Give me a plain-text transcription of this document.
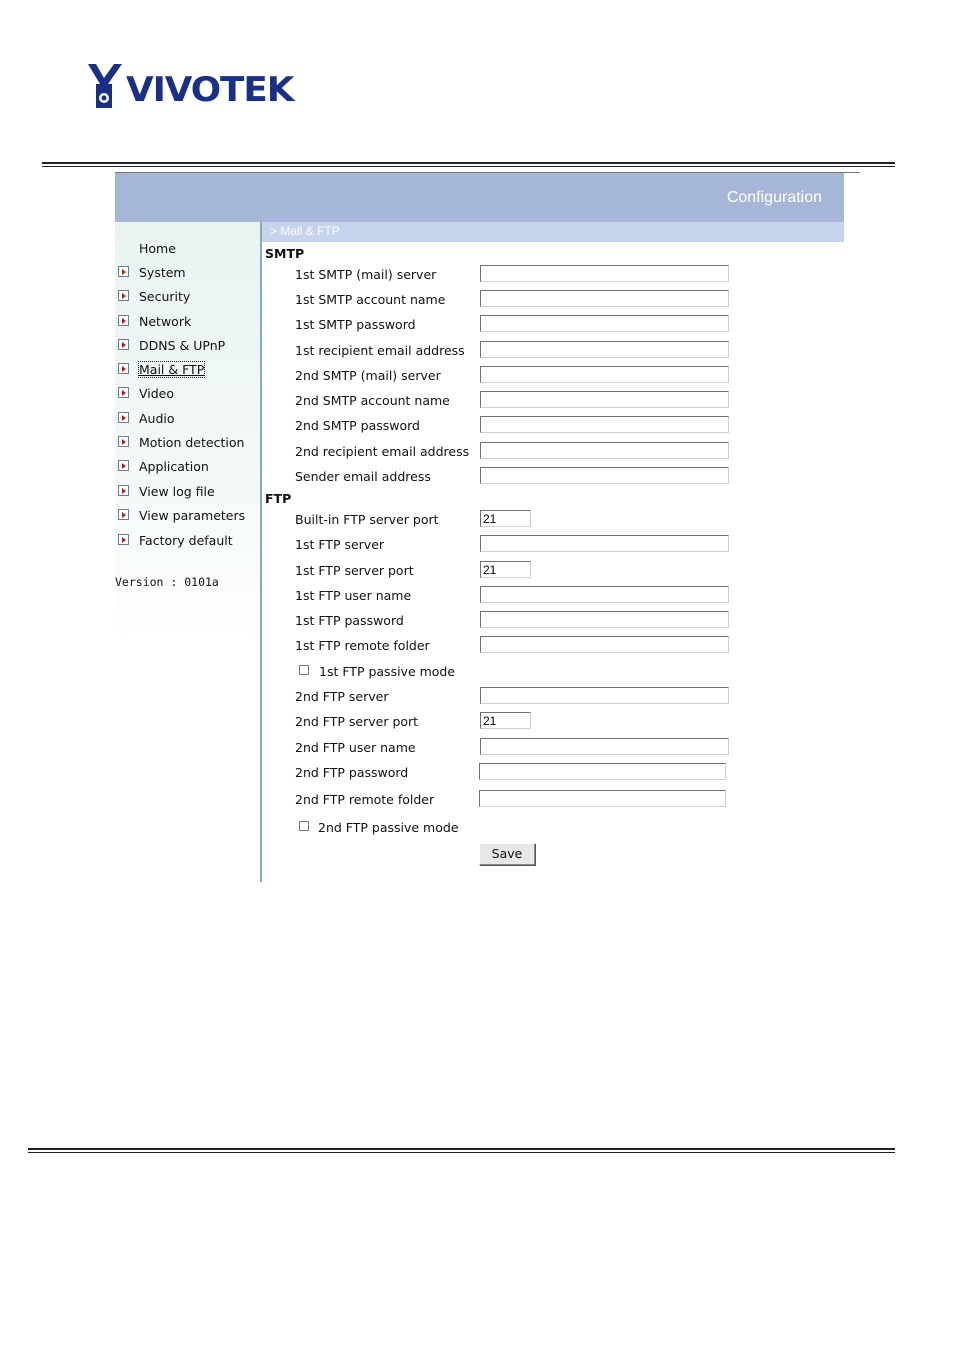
VIVOTEK
Configuration
> Mail & FTP
Home
System
Security
Network
DDNS & UPnP
Mail & FTP
Video
Audio
Motion detection
Application
View log file
View parameters
Factory default
Version : 0101a
SMTP
1st SMTP (mail) server
1st SMTP account name
1st SMTP password
1st recipient email address
2nd SMTP (mail) server
2nd SMTP account name
2nd SMTP password
2nd recipient email address
Sender email address
FTP
Built-in FTP server port
21
1st FTP server
1st FTP server port
21
1st FTP user name
1st FTP password
1st FTP remote folder
1st FTP passive mode
2nd FTP server
2nd FTP server port
21
2nd FTP user name
2nd FTP password
2nd FTP remote folder
2nd FTP passive mode
Save
